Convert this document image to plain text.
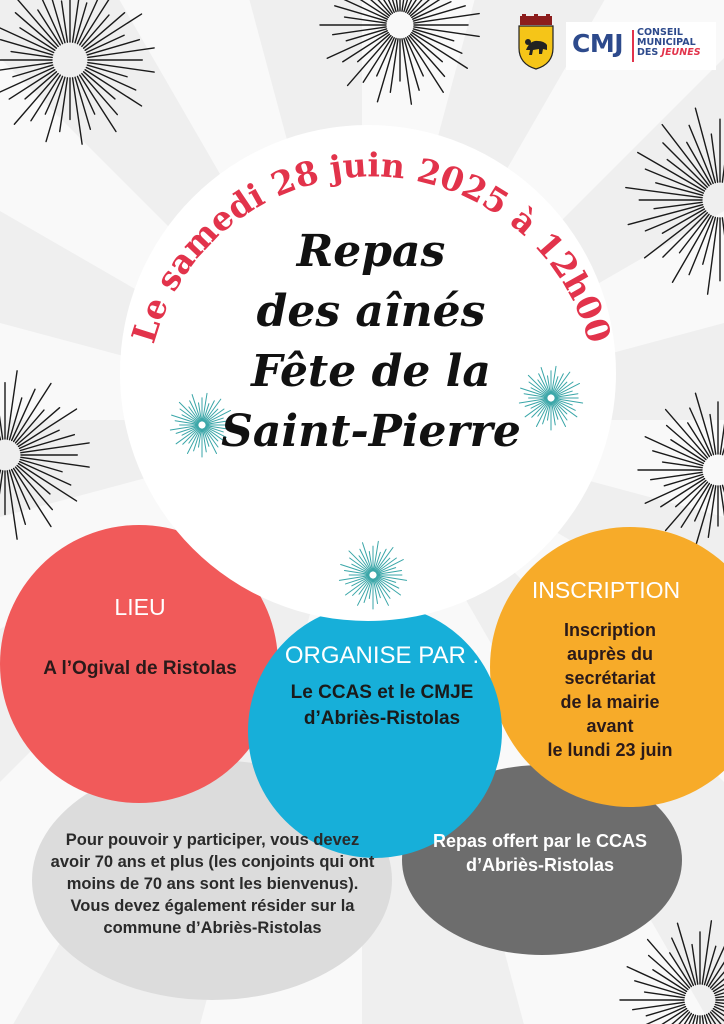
CMJ CONSEIL
MUNICIPAL
DES JEUNES
Le samedi 28 juin 2025 à 12h00
Repas
des aînés
Fête de la
Saint-Pierre
LIEU
A l’Ogival de Ristolas
INSCRIPTION
Inscription
auprès du
secrétariat
de la mairie
avant
le lundi 23 juin
ORGANISE PAR :
Le CCAS et le CMJE d’Abriès-Ristolas
Pour pouvoir y participer, vous devez avoir 70 ans et plus (les conjoints qui ont moins de 70 ans sont les bienvenus). Vous devez également résider sur la commune d’Abriès-Ristolas
Repas offert par le CCAS d’Abriès-Ristolas
